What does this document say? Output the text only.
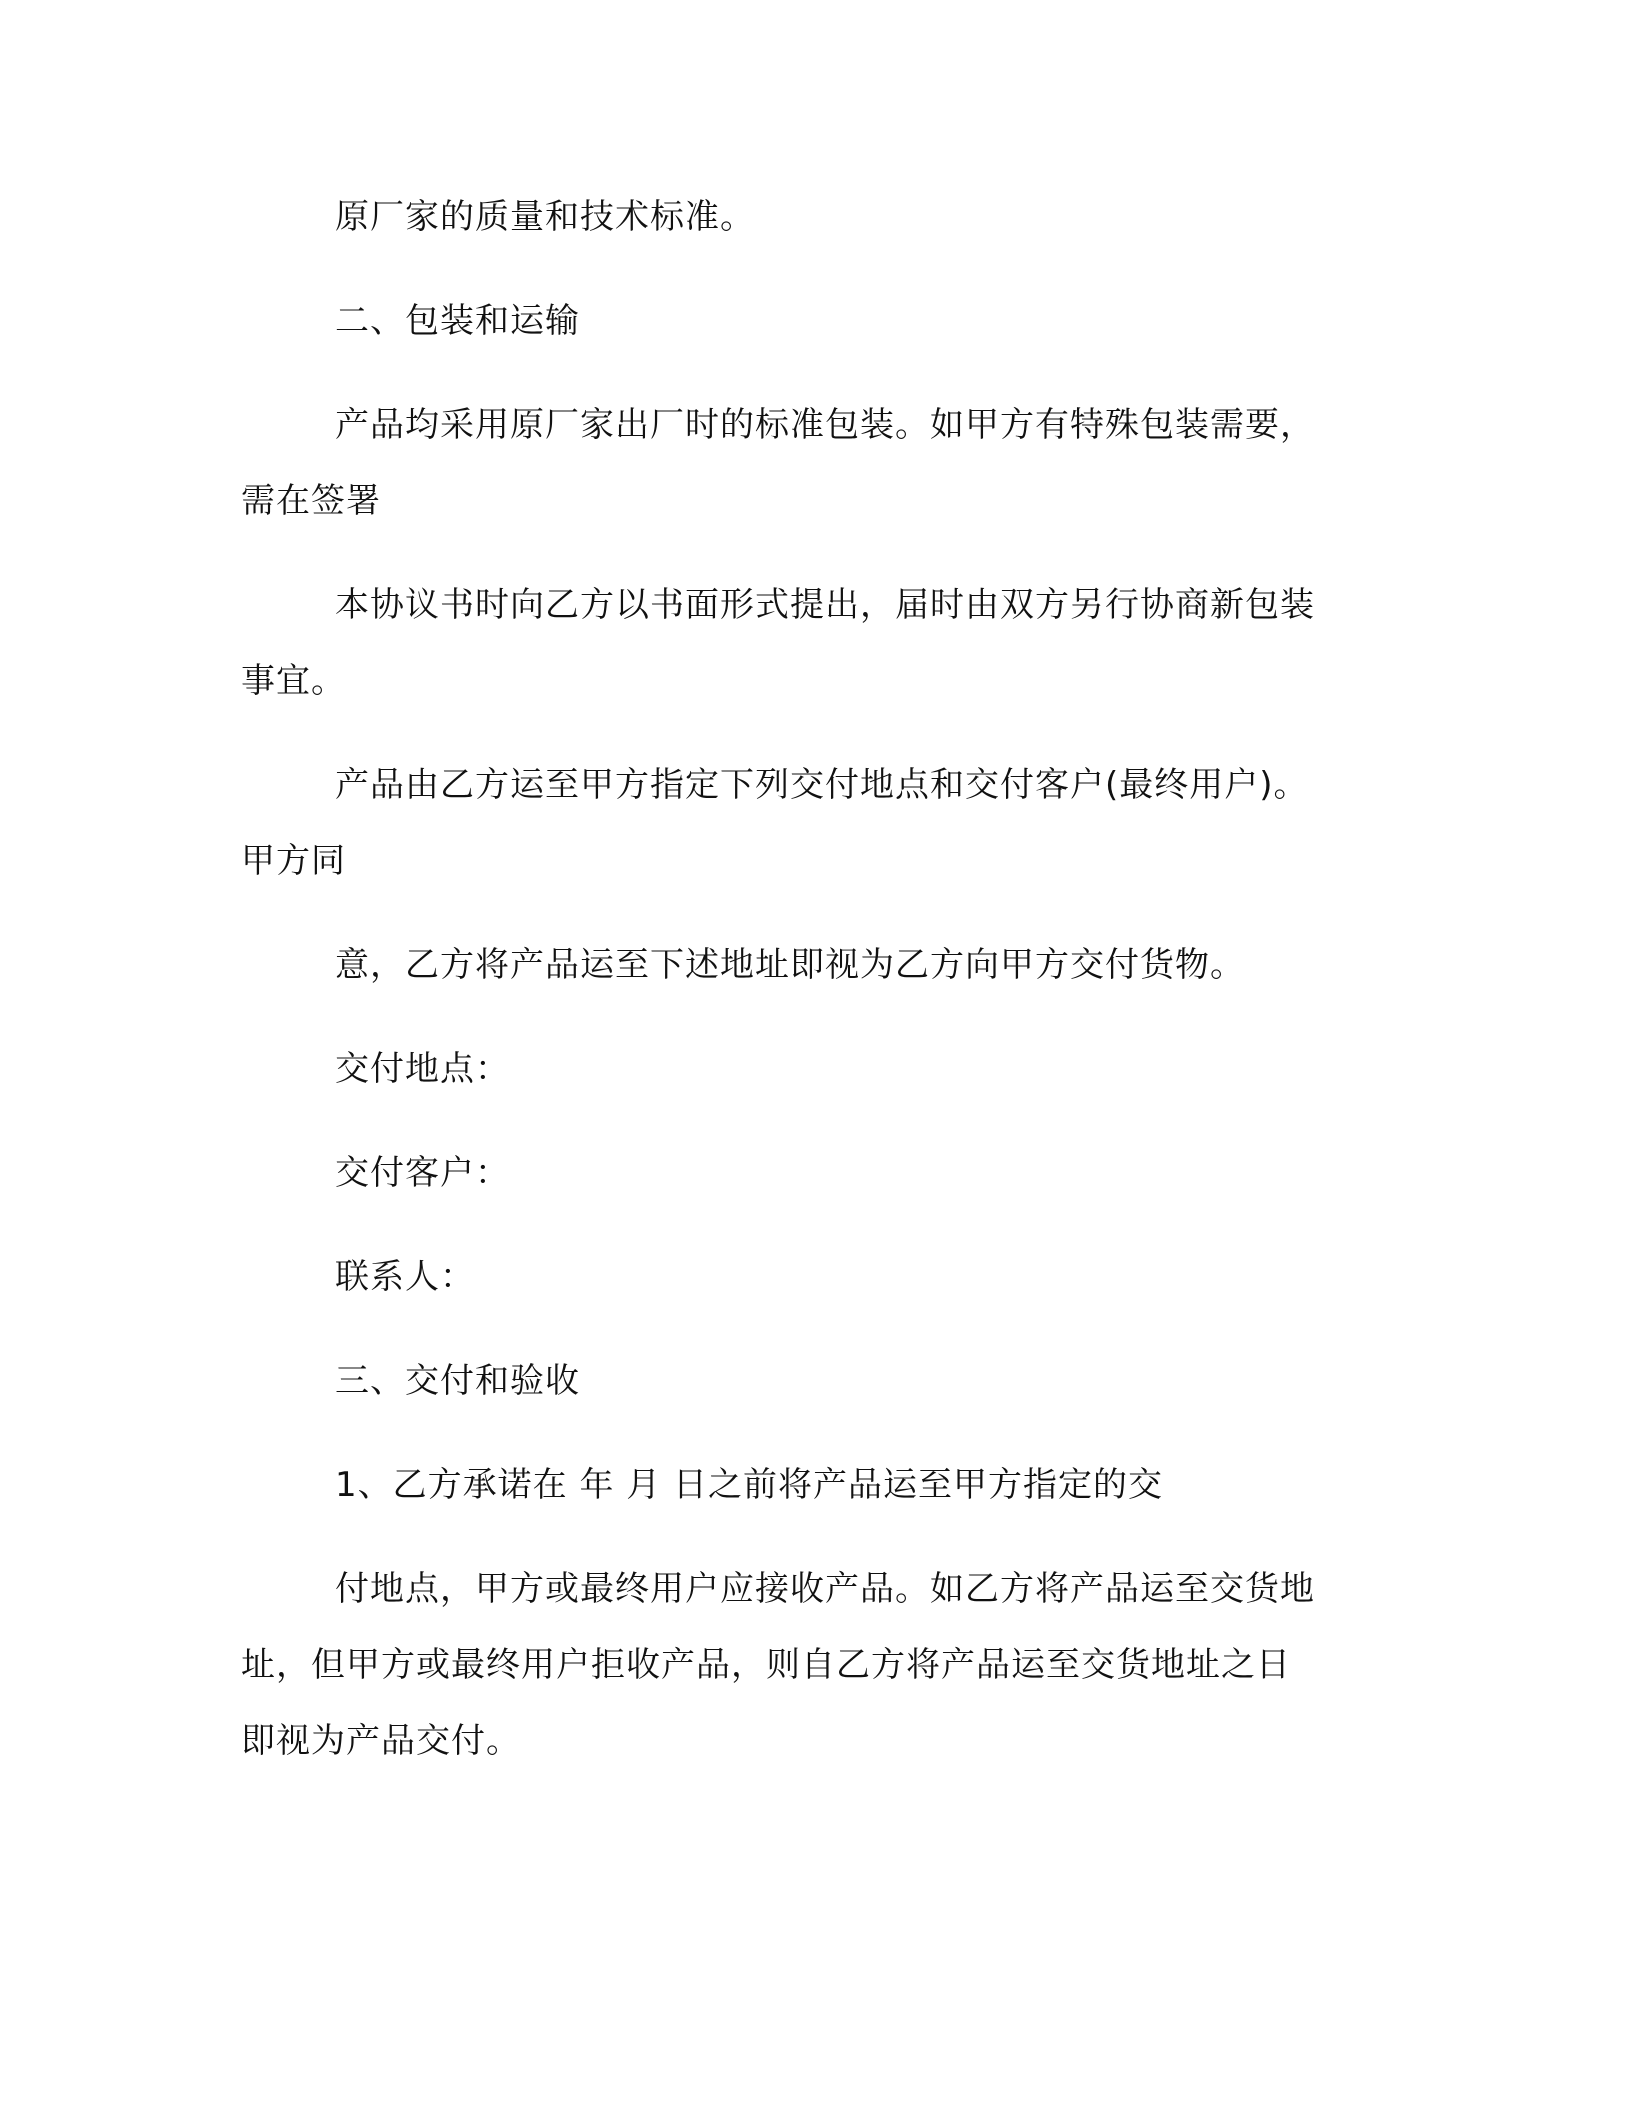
原厂家的质量和技术标准。
二、包装和运输
产品均采用原厂家出厂时的标准包装。如甲方有特殊包装需要，
需在签署
本协议书时向乙方以书面形式提出，届时由双方另行协商新包装
事宜。
产品由乙方运至甲方指定下列交付地点和交付客户(最终用户)。
甲方同
意，乙方将产品运至下述地址即视为乙方向甲方交付货物。
交付地点：
交付客户：
联系人：
三、交付和验收
1、乙方承诺在 年 月 日之前将产品运至甲方指定的交
付地点，甲方或最终用户应接收产品。如乙方将产品运至交货地
址，但甲方或最终用户拒收产品，则自乙方将产品运至交货地址之日
即视为产品交付。
